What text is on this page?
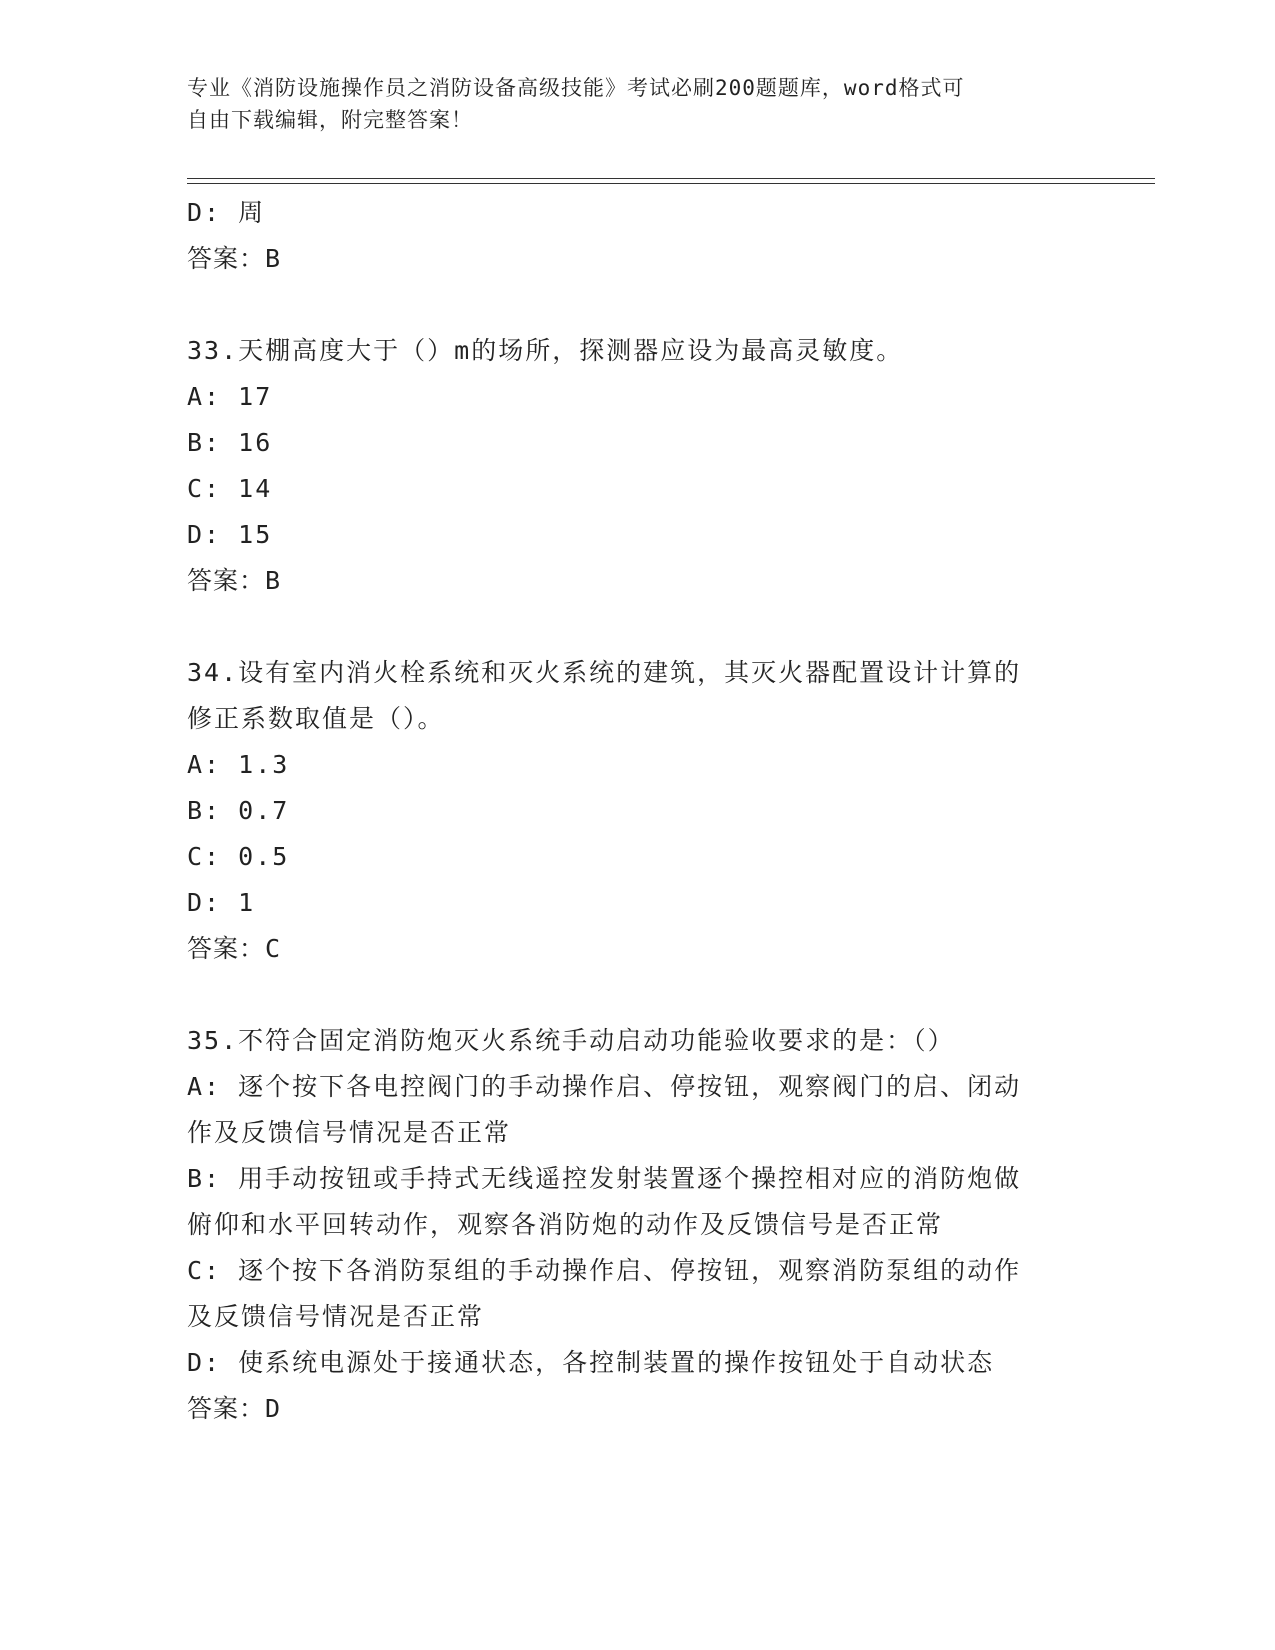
专业《消防设施操作员之消防设备高级技能》考试必刷200题题库，word格式可
自由下载编辑，附完整答案！
D: 周
答案：B
33.天棚高度大于（）m的场所，探测器应设为最高灵敏度。
A: 17
B: 16
C: 14
D: 15
答案：B
34.设有室内消火栓系统和灭火系统的建筑，其灭火器配置设计计算的
修正系数取值是（）。
A: 1.3
B: 0.7
C: 0.5
D: 1
答案：C
35.不符合固定消防炮灭火系统手动启动功能验收要求的是：（）
A: 逐个按下各电控阀门的手动操作启、停按钮，观察阀门的启、闭动
作及反馈信号情况是否正常
B: 用手动按钮或手持式无线遥控发射装置逐个操控相对应的消防炮做
俯仰和水平回转动作，观察各消防炮的动作及反馈信号是否正常
C: 逐个按下各消防泵组的手动操作启、停按钮，观察消防泵组的动作
及反馈信号情况是否正常
D: 使系统电源处于接通状态，各控制装置的操作按钮处于自动状态
答案：D
